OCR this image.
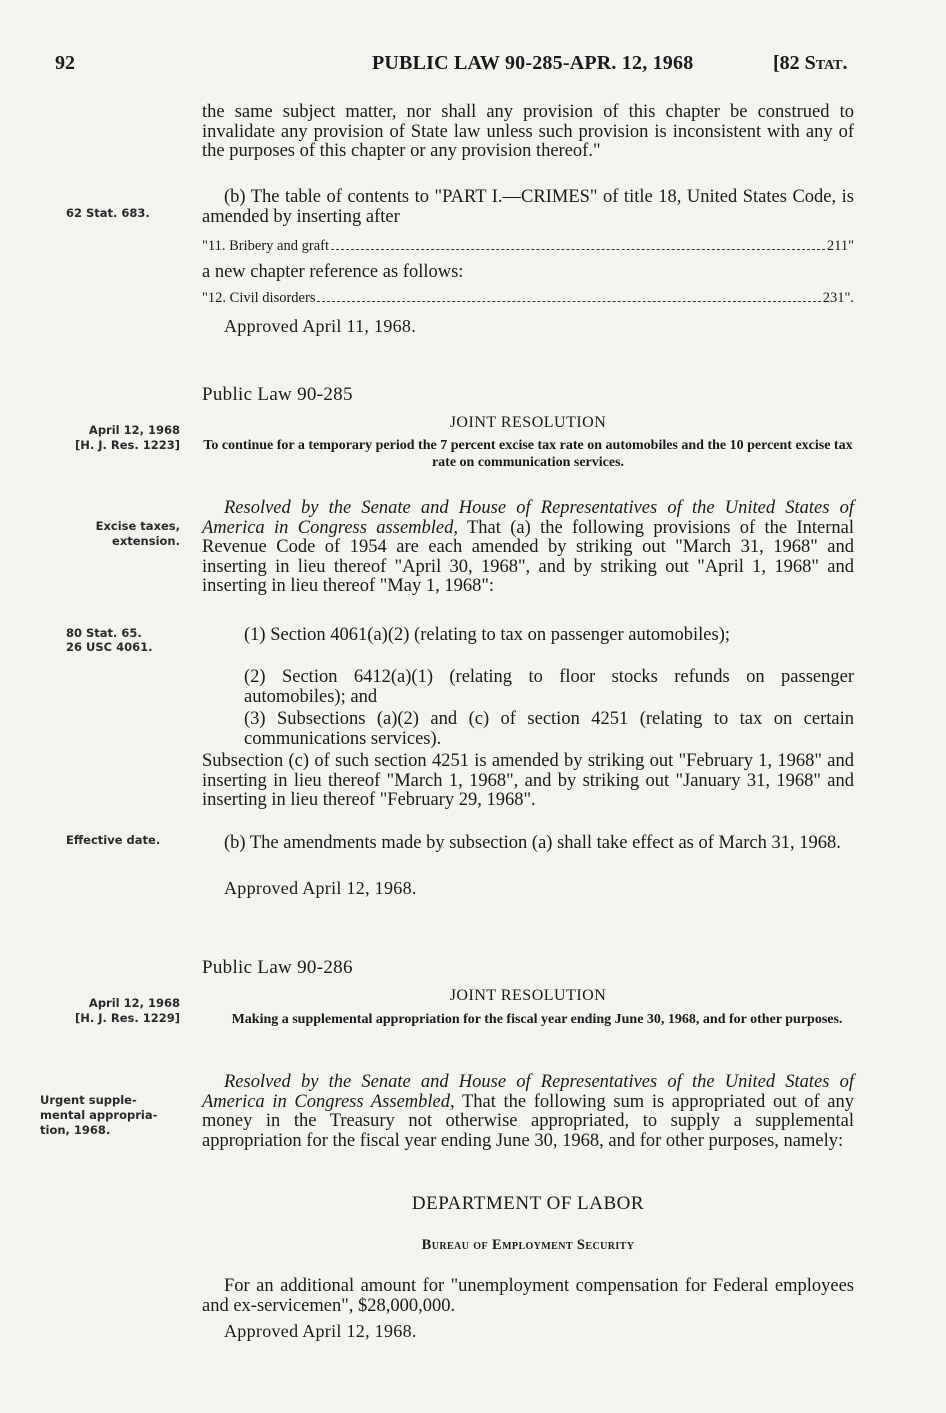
92	PUBLIC LAW 90-285-APR. 12, 1968	[82 Stat.
the same subject matter, nor shall any provision of this chapter be construed to invalidate any provision of State law unless such provision is inconsistent with any of the purposes of this chapter or any provision thereof."
62 Stat. 683.
(b) The table of contents to "PART I.—CRIMES" of title 18, United States Code, is amended by inserting after
"11. Bribery and graft	211"
a new chapter reference as follows:
"12. Civil disorders	231".
Approved April 11, 1968.
Public Law 90-285
April 12, 1968
[H. J. Res. 1223]
JOINT RESOLUTION
To continue for a temporary period the 7 percent excise tax rate on automobiles and the 10 percent excise tax rate on communication services.
Excise taxes, extension.
Resolved by the Senate and House of Representatives of the United States of America in Congress assembled, That (a) the following provisions of the Internal Revenue Code of 1954 are each amended by striking out "March 31, 1968" and inserting in lieu thereof "April 30, 1968", and by striking out "April 1, 1968" and inserting in lieu thereof "May 1, 1968":
80 Stat. 65.
26 USC 4061.
(1) Section 4061(a)(2) (relating to tax on passenger automobiles);
(2) Section 6412(a)(1) (relating to floor stocks refunds on passenger automobiles); and
(3) Subsections (a)(2) and (c) of section 4251 (relating to tax on certain communications services).
Subsection (c) of such section 4251 is amended by striking out "February 1, 1968" and inserting in lieu thereof "March 1, 1968", and by striking out "January 31, 1968" and inserting in lieu thereof "February 29, 1968".
Effective date.	(b) The amendments made by subsection (a) shall take effect as of March 31, 1968.
Approved April 12, 1968.
Public Law 90-286
April 12, 1968
[H. J. Res. 1229]
JOINT RESOLUTION
Making a supplemental appropriation for the fiscal year ending June 30, 1968, and for other purposes.
Urgent supple- mental appropria- tion, 1968.
Resolved by the Senate and House of Representatives of the United States of America in Congress Assembled, That the following sum is appropriated out of any money in the Treasury not otherwise appropriated, to supply a supplemental appropriation for the fiscal year ending June 30, 1968, and for other purposes, namely:
DEPARTMENT OF LABOR
Bureau of Employment Security
For an additional amount for "unemployment compensation for Federal employees and ex-servicemen", $28,000,000.
Approved April 12, 1968.
